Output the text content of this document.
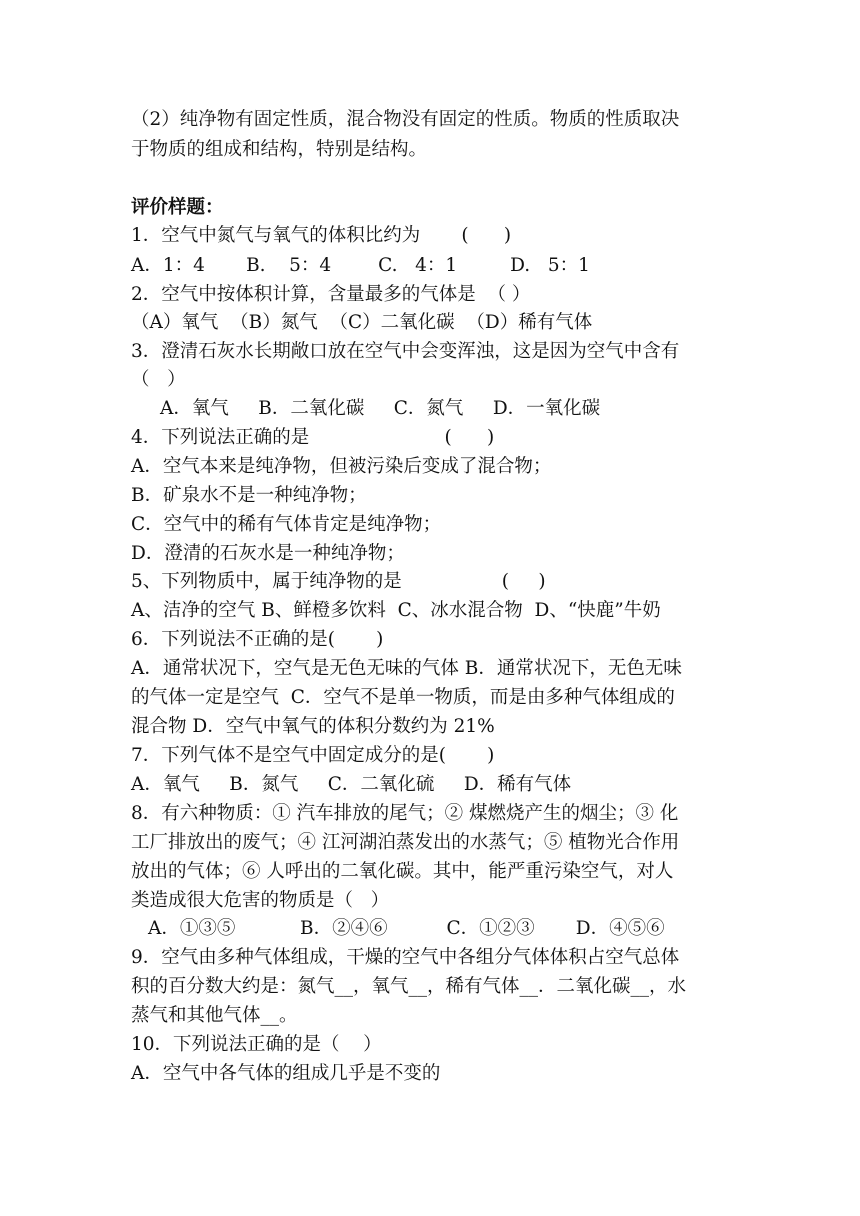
（2）纯净物有固定性质，混合物没有固定的性质。物质的性质取决
于物质的组成和结构，特别是结构。
评价样题：
1．空气中氮气与氧气的体积比约为       (      )
A．1：4       B.    5：4        C.   4：1         D.   5：1
2．空气中按体积计算，含量最多的气体是  （ ）
（A）氧气  （B）氮气  （C）二氧化碳  （D）稀有气体
3．澄清石灰水长期敞口放在空气中会变浑浊，这是因为空气中含有
（   ）
A．氧气     B．二氧化碳     C．氮气     D．一氧化碳
4．下列说法正确的是                       (      )
A．空气本来是纯净物，但被污染后变成了混合物；
B．矿泉水不是一种纯净物；
C．空气中的稀有气体肯定是纯净物；
D．澄清的石灰水是一种纯净物；
5、下列物质中，属于纯净物的是                 (     )
A、洁净的空气 B、鲜橙多饮料  C、冰水混合物  D、“快鹿”牛奶
6．下列说法不正确的是(       )
A．通常状况下，空气是无色无味的气体 B．通常状况下，无色无味
的气体一定是空气  C．空气不是单一物质，而是由多种气体组成的
混合物 D．空气中氧气的体积分数约为 21%
7．下列气体不是空气中固定成分的是(       )
A．氧气     B．氮气     C．二氧化硫     D．稀有气体
8．有六种物质：① 汽车排放的尾气；② 煤燃烧产生的烟尘；③ 化
工厂排放出的废气；④ 江河湖泊蒸发出的水蒸气；⑤ 植物光合作用
放出的气体；⑥ 人呼出的二氧化碳。其中，能严重污染空气，对人
类造成很大危害的物质是（   ）
A．①③⑤           B．②④⑥          C．①②③       D．④⑤⑥
9．空气由多种气体组成，干燥的空气中各组分气体体积占空气总体
积的百分数大约是：氮气__，氧气__，稀有气体__．二氧化碳__，水
蒸气和其他气体__。
10．下列说法正确的是（    ）
A．空气中各气体的组成几乎是不变的
